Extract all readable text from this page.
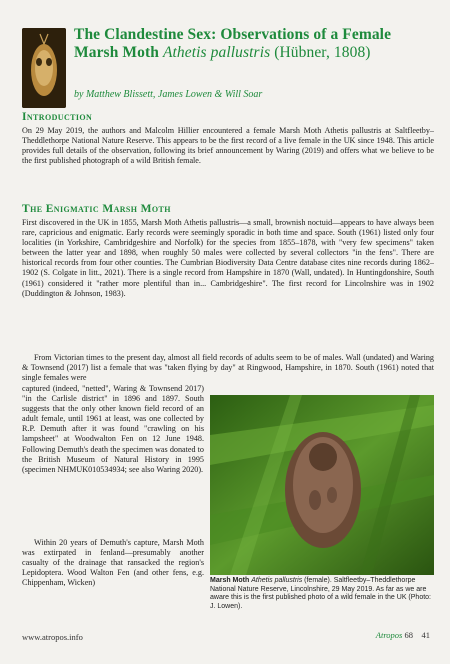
The Clandestine Sex: Observations of a Female Marsh Moth Athetis pallustris (Hübner, 1808)
by Matthew Blissett, James Lowen & Will Soar
Introduction
On 29 May 2019, the authors and Malcolm Hillier encountered a female Marsh Moth Athetis pallustris at Saltfleetby–Theddlethorpe National Nature Reserve. This appears to be the first record of a live female in the UK since 1948. This article provides full details of the observation, following its brief announcement by Waring (2019) and offers what we believe to be the first published photograph of a wild British female.
The Enigmatic Marsh Moth
First discovered in the UK in 1855, Marsh Moth Athetis pallustris—a small, brownish noctuid—appears to have always been rare, capricious and enigmatic. Early records were seemingly sporadic in both time and space. South (1961) listed only four localities (in Yorkshire, Cambridgeshire and Norfolk) for the species from 1855–1878, with "very few specimens" taken between the latter year and 1898, when roughly 50 males were collected by several collectors "in the fens". There are historical records from four other counties. The Cumbrian Biodiversity Data Centre database cites nine records during 1862–1902 (S. Colgate in litt., 2021). There is a single record from Hampshire in 1870 (Wall, undated). In Huntingdonshire, South (1961) considered it "rather more plentiful than in... Cambridgeshire". The first record for Lincolnshire was in 1902 (Duddington & Johnson, 1983).
From Victorian times to the present day, almost all field records of adults seem to be of males. Wall (undated) and Waring & Townsend (2017) list a female that was "taken flying by day" at Ringwood, Hampshire, in 1870. South (1961) noted that single females were
captured (indeed, "netted", Waring & Townsend 2017) "in the Carlisle district" in 1896 and 1897. South suggests that the only other known field record of an adult female, until 1961 at least, was one collected by R.P. Demuth after it was found "crawling on his lampsheet" at Woodwalton Fen on 12 June 1948. Following Demuth's death the specimen was donated to the British Museum of Natural History in 1995 (specimen NHMUK010534934; see also Waring 2020).
Within 20 years of Demuth's capture, Marsh Moth was extirpated in fenland—presumably another casualty of the drainage that ransacked the region's Lepidoptera. Wood Walton Fen (and other fens, e.g. Chippenham, Wicken)	Marsh Moth Athetis pallustris (female). Saltfleetby–Theddlethorpe National Nature Reserve, Lincolnshire, 29 May 2019. As far as we are aware this is the first published photo of a wild female in the UK (Photo: J. Lowen).
www.atropos.info	Atropos 68 41
